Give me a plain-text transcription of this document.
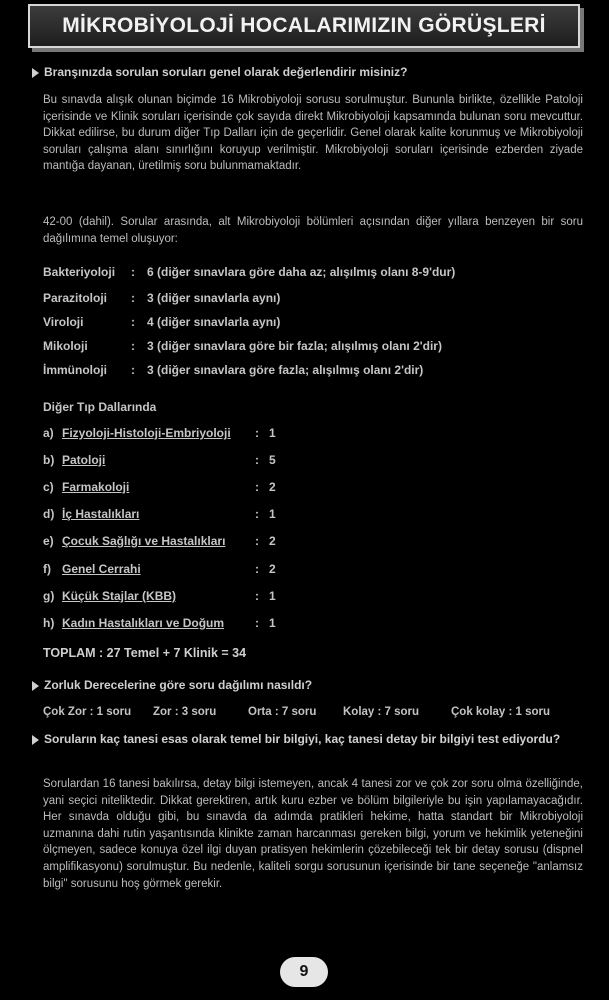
MİKROBİYOLOJİ HOCALARIMIZIN GÖRÜŞLERİ
Branşınızda sorulan soruları genel olarak değerlendirir misiniz?
Bu sınavda alışık olunan biçimde 16 Mikrobiyoloji sorusu sorulmuştur. Bununla birlikte, özellikle Patoloji içerisinde ve Klinik soruları içerisinde çok sayıda direkt Mikrobiyoloji kapsamında bulunan soru mevcuttur. Dikkat edilirse, bu durum diğer Tıp Dalları için de geçerlidir. Genel olarak kalite korunmuş ve Mikrobiyoloji soruları çalışma alanı sınırlığını koruyup verilmiştir. Mikrobiyoloji soruları içerisinde ezberden ziyade mantığa dayanan, üretilmiş soru bulunmamaktadır.
42-00 (dahil). Sorular arasında, alt Mikrobiyoloji bölümleri açısından diğer yıllara benzeyen bir soru dağılımına temel oluşuyor:
Bakteriyoloji : 6 (diğer sınavlara göre daha az; alışılmış olanı 8-9'dur)
Parazitoloji : 3 (diğer sınavlarla aynı)
Viroloji	: 4 (diğer sınavlarla aynı)
Mikoloji	: 3 (diğer sınavlara göre bir fazla; alışılmış olanı 2'dir)
İmmünoloji : 3 (diğer sınavlara göre fazla; alışılmış olanı 2'dir)
Diğer Tıp Dallarında
a) Fizyoloji-Histoloji-Embriyoloji : 1
b) Patoloji	: 5
c) Farmakoloji	: 2
d) İç Hastalıkları	: 1
e) Çocuk Sağlığı ve Hastalıkları : 2
f) Genel Cerrahi	: 2
g) Küçük Stajlar (KBB)	: 1
h) Kadın Hastalıkları ve Doğum	: 1
TOPLAM : 27 Temel + 7 Klinik = 34
Zorluk Derecelerine göre soru dağılımı nasıldı?
Çok Zor : 1 soru Zor : 3 soru	Orta : 7 soru Kolay : 7 soru	Çok kolay : 1 soru
Soruların kaç tanesi esas olarak temel bir bilgiyi, kaç tanesi detay bir bilgiyi test ediyordu?
Sorulardan 16 tanesi bakılırsa, detay bilgi istemeyen, ancak 4 tanesi zor ve çok zor soru olma özelliğinde, yani seçici niteliktedir. Dikkat gerektiren, artık kuru ezber ve bölüm bilgileriyle bu işin yapılamayacağıdır. Her sınavda olduğu gibi, bu sınavda da adımda pratikleri hekime, hatta standart bir Mikrobiyoloji uzmanına dahi rutin yaşantısında klinikte zaman harcanması gereken bilgi, yorum ve hekimlik yeteneğini ölçmeyen, sadece konuya özel ilgi duyan pratisyen hekimlerin çözebileceği tek bir detay sorusu (dispnel amplifikasyonu) sorulmuştur. Bu nedenle, kaliteli sorgu sorusunun içerisinde bir tane seçeneğe "anlamsız bilgi" sorusunu hoş görmek gerekir.
9
